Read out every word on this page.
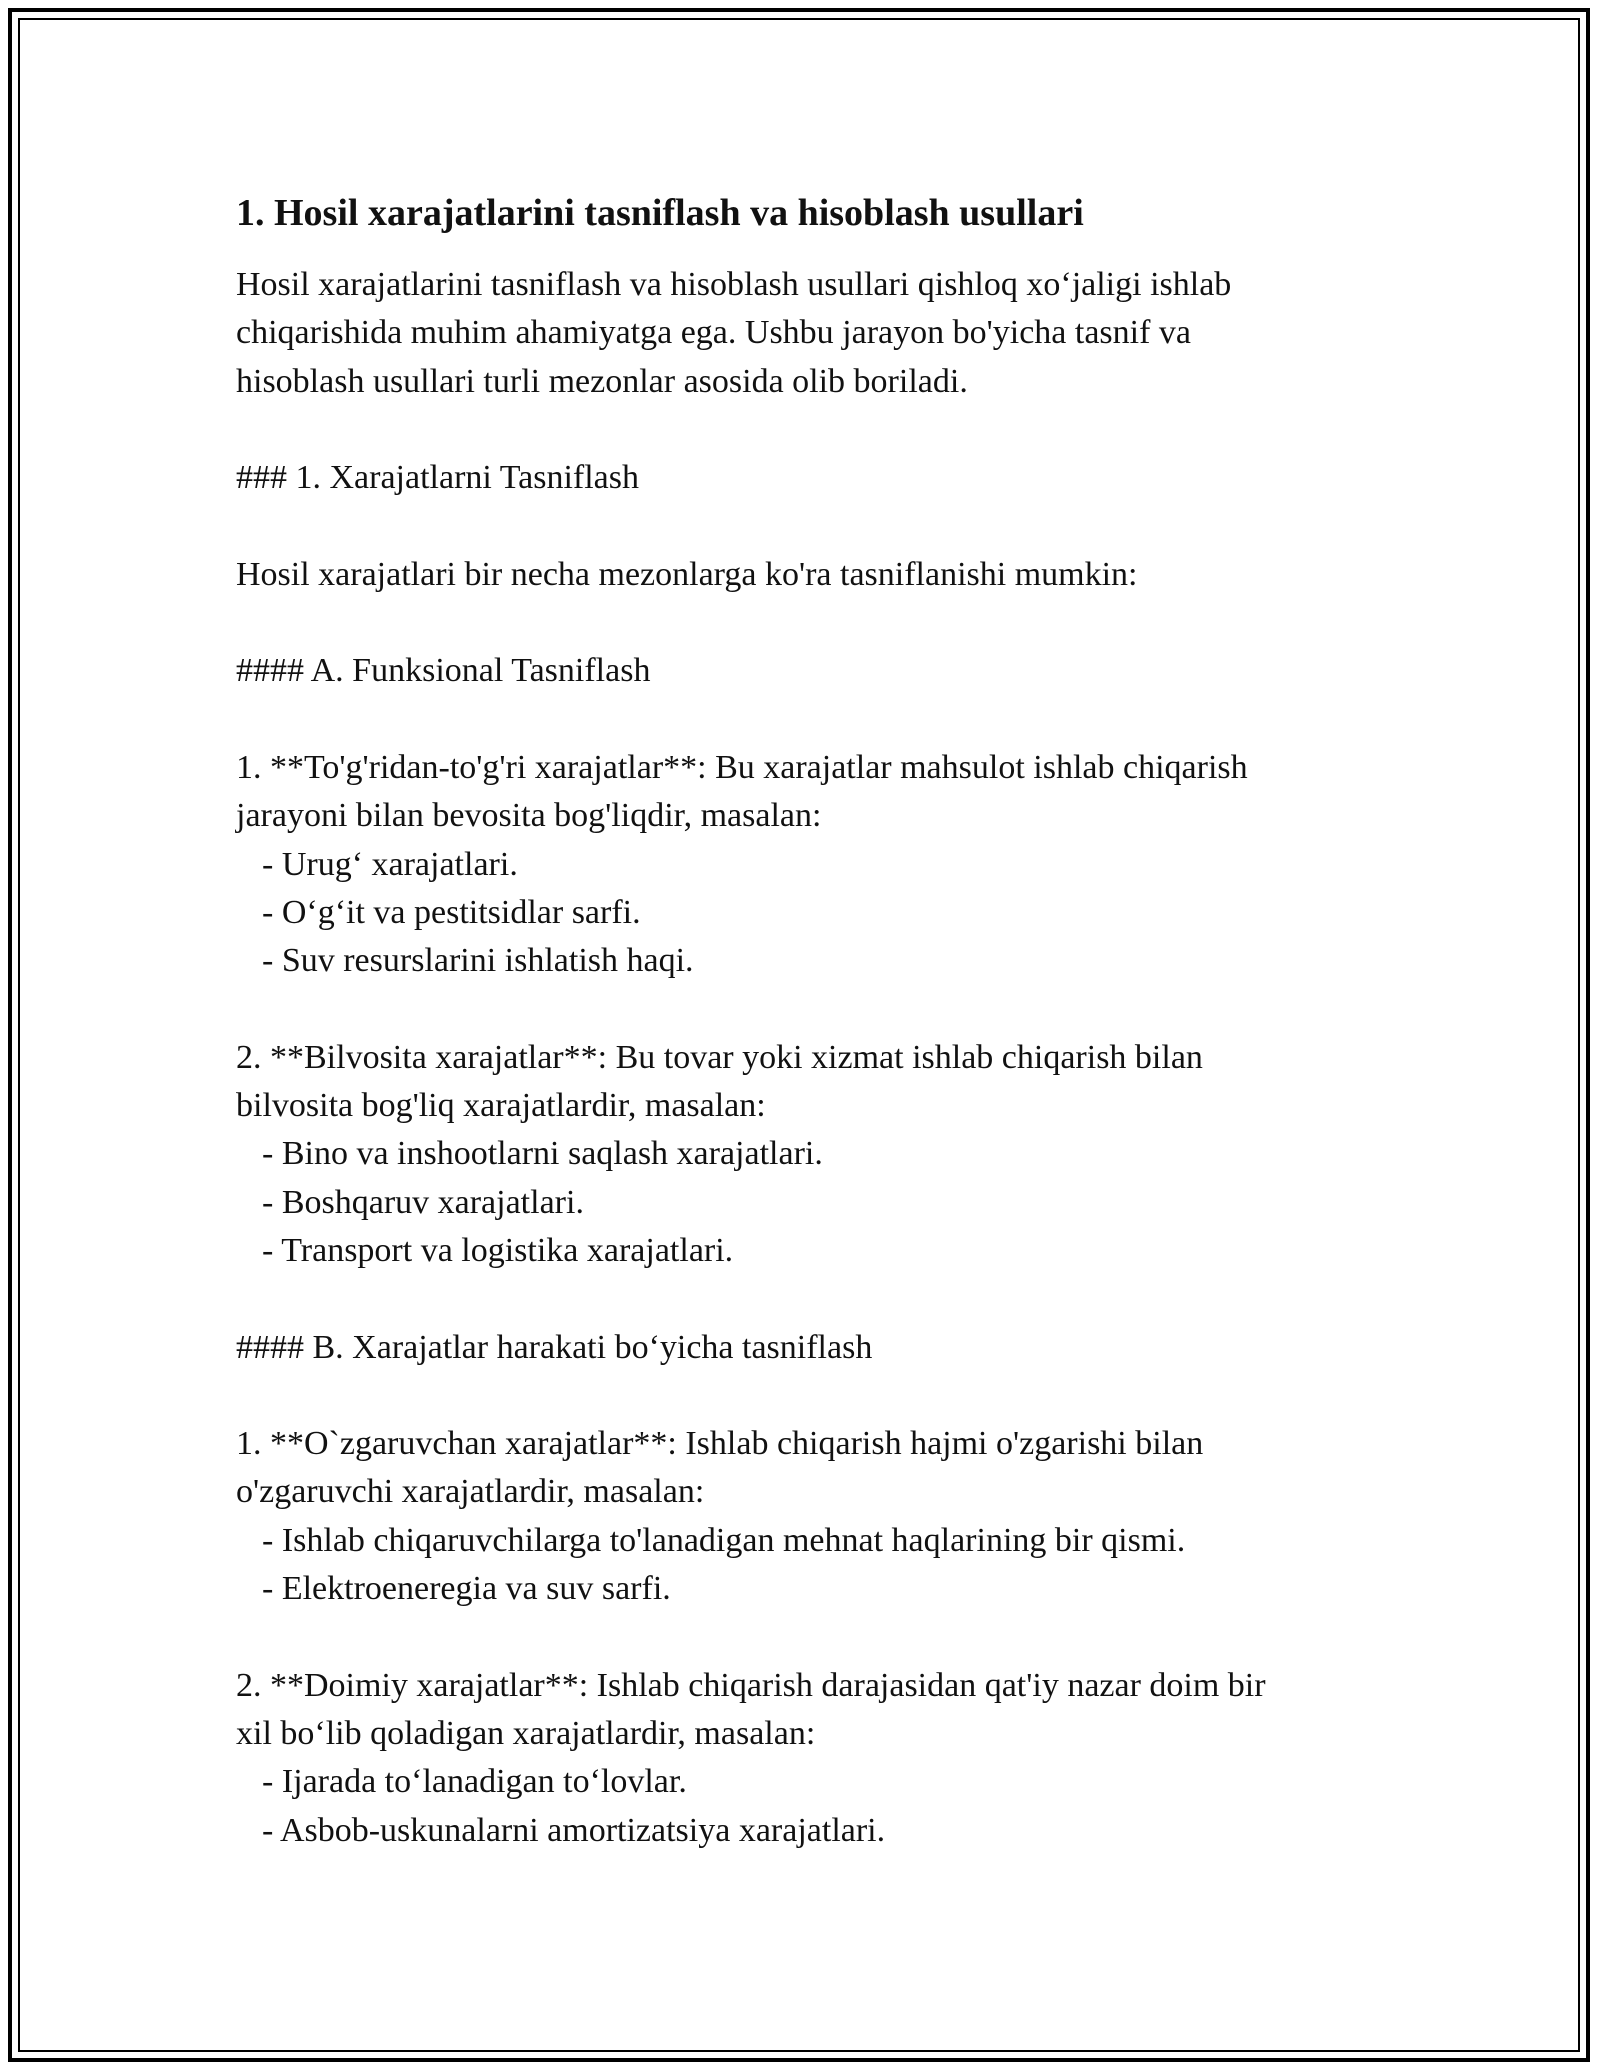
1. Hosil xarajatlarini tasniflash va hisoblash usullari

Hosil xarajatlarini tasniflash va hisoblash usullari qishloq xo‘jaligi ishlab

chiqarishida muhim ahamiyatga ega. Ushbu jarayon bo'yicha tasnif va

hisoblash usullari turli mezonlar asosida olib boriladi.

### 1. Xarajatlarni Tasniflash

Hosil xarajatlari bir necha mezonlarga ko'ra tasniflanishi mumkin:

#### A. Funksional Tasniflash

1. **To'g'ridan-to'g'ri xarajatlar**: Bu xarajatlar mahsulot ishlab chiqarish

jarayoni bilan bevosita bog'liqdir, masalan:

- Urug‘ xarajatlari.

- O‘g‘it va pestitsidlar sarfi.

- Suv resurslarini ishlatish haqi.

2. **Bilvosita xarajatlar**: Bu tovar yoki xizmat ishlab chiqarish bilan

bilvosita bog'liq xarajatlardir, masalan:

- Bino va inshootlarni saqlash xarajatlari.

- Boshqaruv xarajatlari.

- Transport va logistika xarajatlari.

#### B. Xarajatlar harakati bo‘yicha tasniflash

1. **O`zgaruvchan xarajatlar**: Ishlab chiqarish hajmi o'zgarishi bilan

o'zgaruvchi xarajatlardir, masalan:

- Ishlab chiqaruvchilarga to'lanadigan mehnat haqlarining bir qismi.

- Elektroeneregia va suv sarfi.

2. **Doimiy xarajatlar**: Ishlab chiqarish darajasidan qat'iy nazar doim bir

xil bo‘lib qoladigan xarajatlardir, masalan:

- Ijarada to‘lanadigan to‘lovlar.

- Asbob-uskunalarni amortizatsiya xarajatlari.
